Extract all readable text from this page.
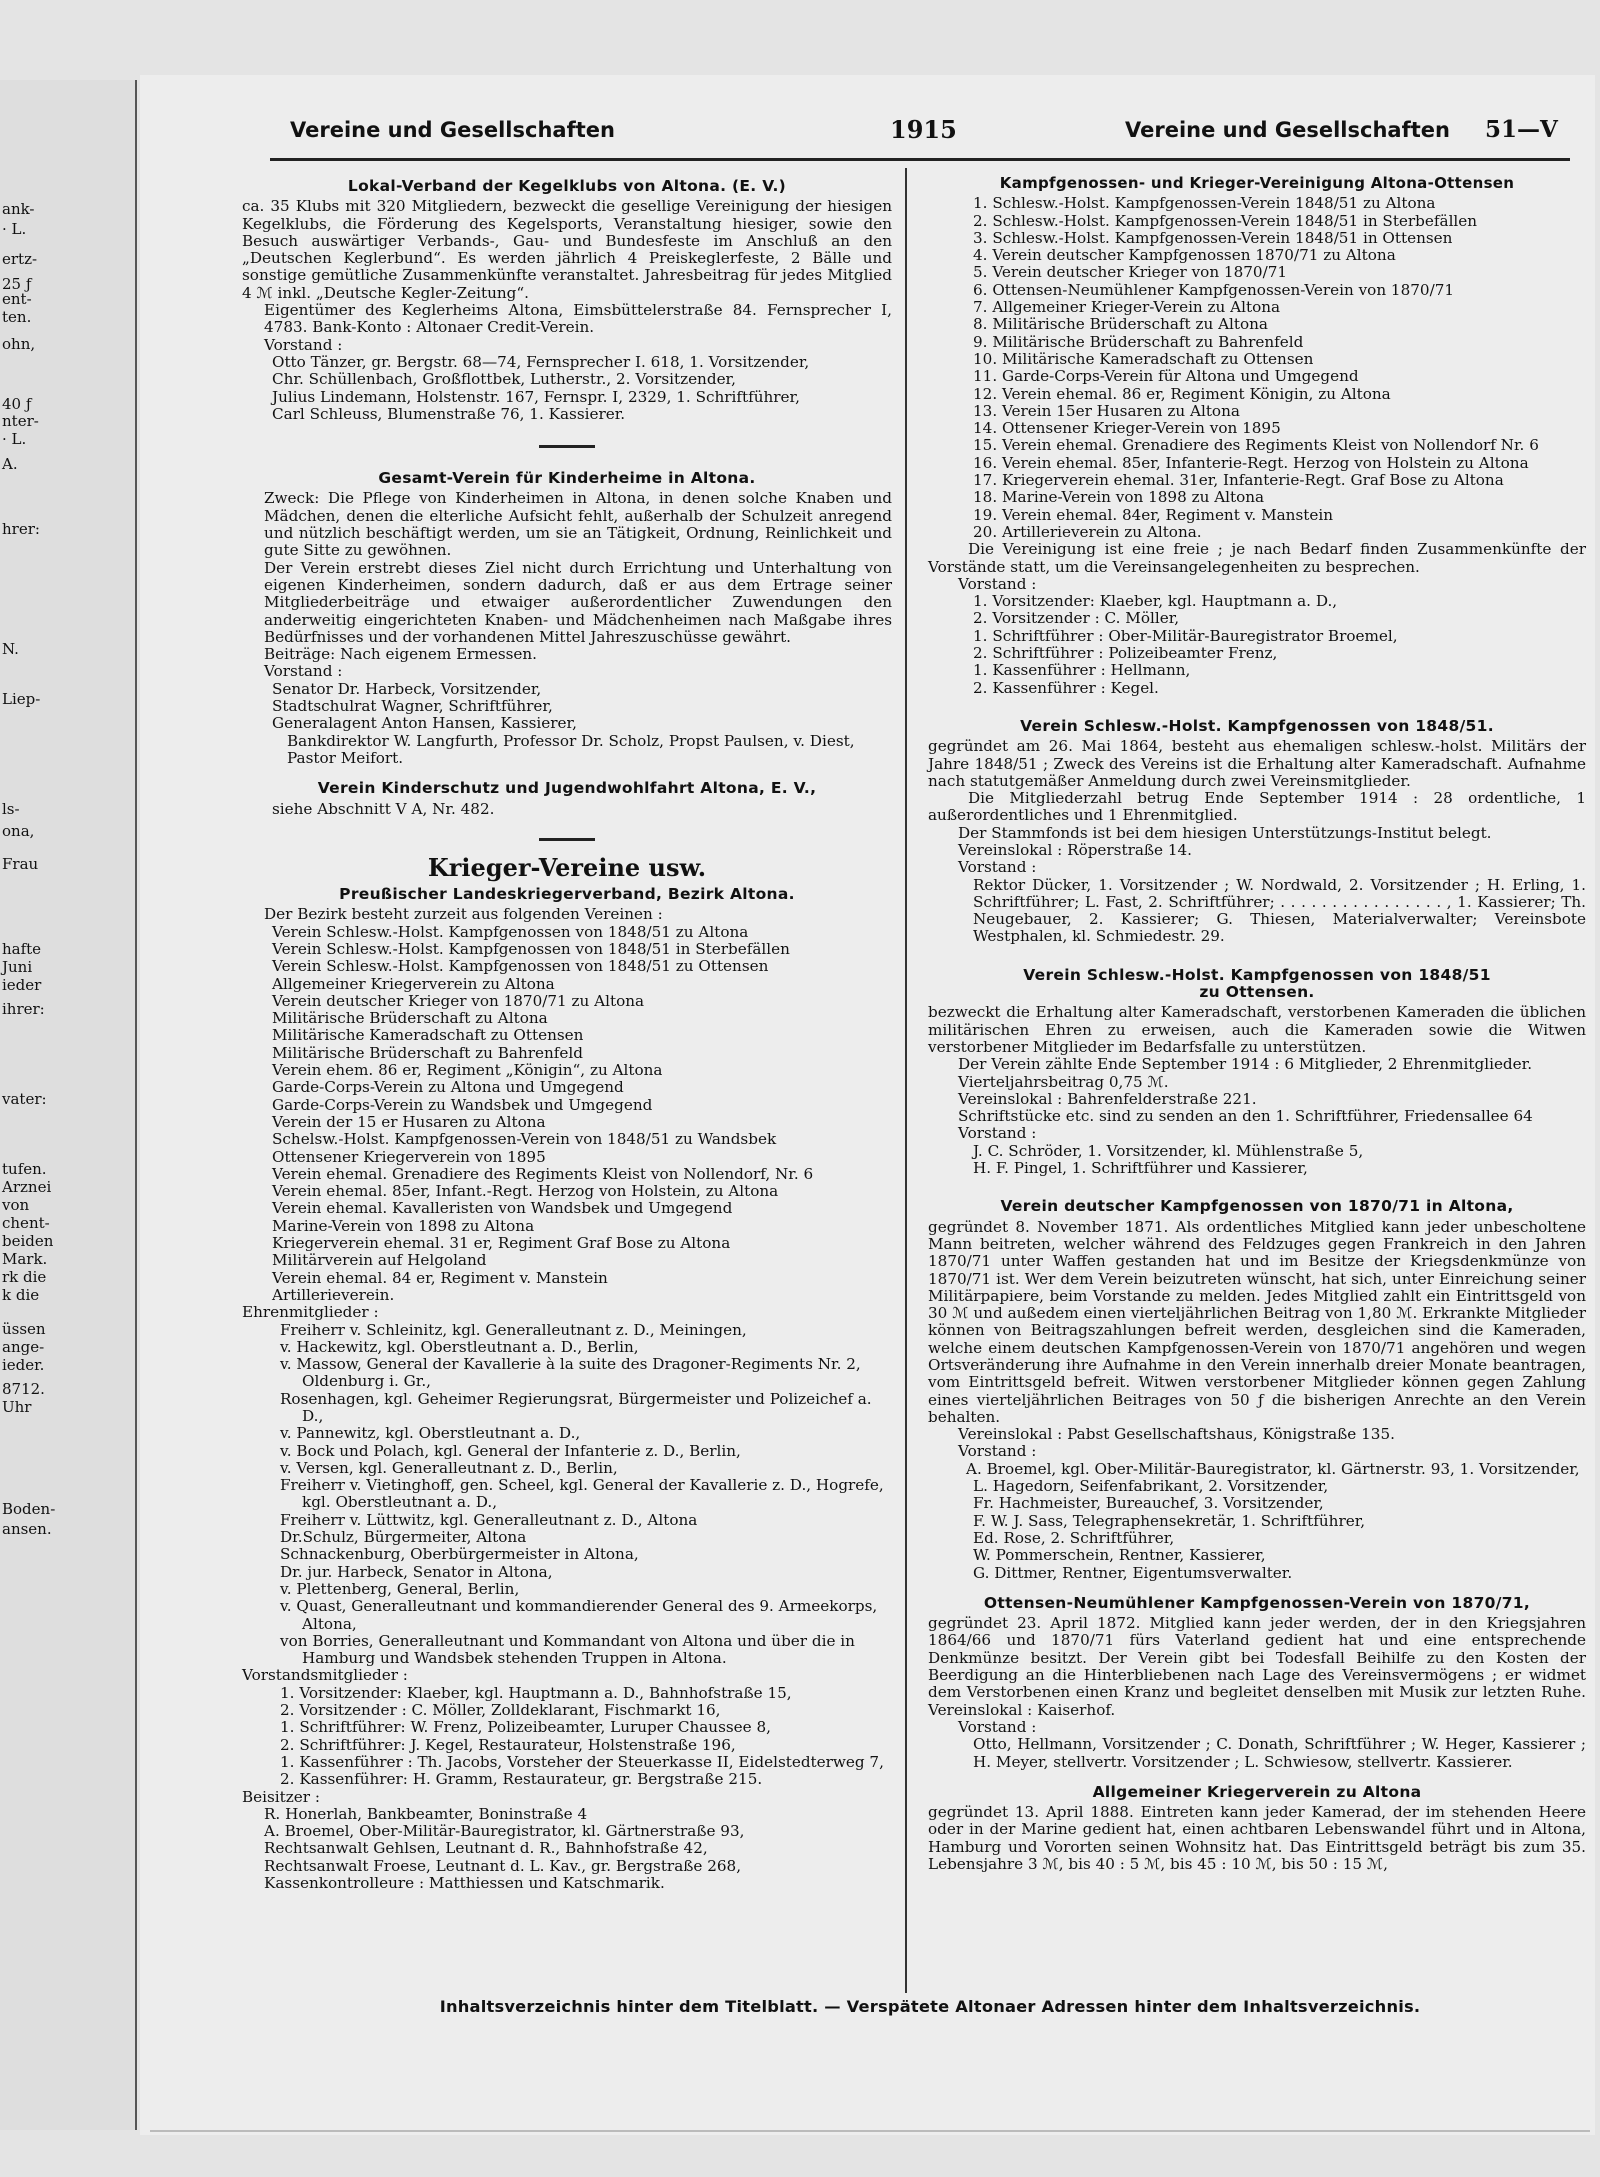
ank-
· L.
ertz-
25 ƒ
ent-
ten.
ohn,
40 ƒ
nter-
· L.
A.
hrer:
N.
Liep-
ls-
ona,
Frau
hafte
Juni
ieder
ihrer:
vater:
tufen.
Arznei
von
chent-
beiden
Mark.
rk die
k die
üssen
ange-
ieder.
8712.
Uhr
Boden-
ansen.
Vereine und Gesellschaften	1915	Vereine und Gesellschaften 51—V
Lokal-Verband der Kegelklubs von Altona. (E. V.)
ca. 35 Klubs mit 320 Mitgliedern, bezweckt die gesellige Vereinigung der hiesigen Kegelklubs, die Förderung des Kegelsports, Veranstaltung hiesiger, sowie den Besuch auswärtiger Verbands-, Gau- und Bundesfeste im Anschluß an den „Deutschen Keglerbund“. Es werden jährlich 4 Preiskeglerfeste, 2 Bälle und sonstige gemütliche Zusammenkünfte veranstaltet. Jahresbeitrag für jedes Mitglied 4 ℳ inkl. „Deutsche Kegler-Zeitung“.
Eigentümer des Keglerheims Altona, Eimsbüttelerstraße 84. Fernsprecher I, 4783. Bank-Konto : Altonaer Credit-Verein.
Vorstand :
Otto Tänzer, gr. Bergstr. 68—74, Fernsprecher I. 618, 1. Vorsitzender,
Chr. Schüllenbach, Großflottbek, Lutherstr., 2. Vorsitzender,
Julius Lindemann, Holstenstr. 167, Fernspr. I, 2329, 1. Schriftführer,
Carl Schleuss, Blumenstraße 76, 1. Kassierer.
Gesamt-Verein für Kinderheime in Altona.
Zweck: Die Pflege von Kinderheimen in Altona, in denen solche Knaben und Mädchen, denen die elterliche Aufsicht fehlt, außerhalb der Schulzeit anregend und nützlich beschäftigt werden, um sie an Tätigkeit, Ordnung, Reinlichkeit und gute Sitte zu gewöhnen.
Der Verein erstrebt dieses Ziel nicht durch Errichtung und Unterhaltung von eigenen Kinderheimen, sondern dadurch, daß er aus dem Ertrage seiner Mitgliederbeiträge und etwaiger außerordentlicher Zuwendungen den anderweitig eingerichteten Knaben- und Mädchenheimen nach Maßgabe ihres Bedürfnisses und der vorhandenen Mittel Jahreszuschüsse gewährt.
Beiträge: Nach eigenem Ermessen.
Vorstand :
Senator Dr. Harbeck, Vorsitzender,
Stadtschulrat Wagner, Schriftführer,
Generalagent Anton Hansen, Kassierer,
Bankdirektor W. Langfurth, Professor Dr. Scholz, Propst Paulsen, v. Diest, Pastor Meifort.
Verein Kinderschutz und Jugendwohlfahrt Altona, E. V.,
siehe Abschnitt V A, Nr. 482.
Krieger-Vereine usw.
Preußischer Landeskriegerverband, Bezirk Altona.
Der Bezirk besteht zurzeit aus folgenden Vereinen :
Verein Schlesw.-Holst. Kampfgenossen von 1848/51 zu Altona
Verein Schlesw.-Holst. Kampfgenossen von 1848/51 in Sterbefällen
Verein Schlesw.-Holst. Kampfgenossen von 1848/51 zu Ottensen
Allgemeiner Kriegerverein zu Altona
Verein deutscher Krieger von 1870/71 zu Altona
Militärische Brüderschaft zu Altona
Militärische Kameradschaft zu Ottensen
Militärische Brüderschaft zu Bahrenfeld
Verein ehem. 86 er, Regiment „Königin“, zu Altona
Garde-Corps-Verein zu Altona und Umgegend
Garde-Corps-Verein zu Wandsbek und Umgegend
Verein der 15 er Husaren zu Altona
Schelsw.-Holst. Kampfgenossen-Verein von 1848/51 zu Wandsbek
Ottensener Kriegerverein von 1895
Verein ehemal. Grenadiere des Regiments Kleist von Nollendorf, Nr. 6
Verein ehemal. 85er, Infant.-Regt. Herzog von Holstein, zu Altona
Verein ehemal. Kavalleristen von Wandsbek und Umgegend
Marine-Verein von 1898 zu Altona
Kriegerverein ehemal. 31 er, Regiment Graf Bose zu Altona
Militärverein auf Helgoland
Verein ehemal. 84 er, Regiment v. Manstein
Artillerieverein.
Ehrenmitglieder :
Freiherr v. Schleinitz, kgl. Generalleutnant z. D., Meiningen,
v. Hackewitz, kgl. Oberstleutnant a. D., Berlin,
v. Massow, General der Kavallerie à la suite des Dragoner-Regiments Nr. 2, Oldenburg i. Gr.,
Rosenhagen, kgl. Geheimer Regierungsrat, Bürgermeister und Polizeichef a. D.,
v. Pannewitz, kgl. Oberstleutnant a. D.,
v. Bock und Polach, kgl. General der Infanterie z. D., Berlin,
v. Versen, kgl. Generalleutnant z. D., Berlin,
Freiherr v. Vietinghoff, gen. Scheel, kgl. General der Kavallerie z. D., Hogrefe, kgl. Oberstleutnant a. D.,
Freiherr v. Lüttwitz, kgl. Generalleutnant z. D., Altona
Dr.Schulz, Bürgermeiter, Altona
Schnackenburg, Oberbürgermeister in Altona,
Dr. jur. Harbeck, Senator in Altona,
v. Plettenberg, General, Berlin,
v. Quast, Generalleutnant und kommandierender General des 9. Armeekorps, Altona,
von Borries, Generalleutnant und Kommandant von Altona und über die in Hamburg und Wandsbek stehenden Truppen in Altona.
Vorstandsmitglieder :
1. Vorsitzender: Klaeber, kgl. Hauptmann a. D., Bahnhofstraße 15,
2. Vorsitzender : C. Möller, Zolldeklarant, Fischmarkt 16,
1. Schriftführer: W. Frenz, Polizeibeamter, Luruper Chaussee 8,
2. Schriftführer: J. Kegel, Restaurateur, Holstenstraße 196,
1. Kassenführer : Th. Jacobs, Vorsteher der Steuerkasse II, Eidelstedterweg 7,
2. Kassenführer: H. Gramm, Restaurateur, gr. Bergstraße 215.
Beisitzer :
R. Honerlah, Bankbeamter, Boninstraße 4
A. Broemel, Ober-Militär-Bauregistrator, kl. Gärtnerstraße 93,
Rechtsanwalt Gehlsen, Leutnant d. R., Bahnhofstraße 42,
Rechtsanwalt Froese, Leutnant d. L. Kav., gr. Bergstraße 268,
Kassenkontrolleure : Matthiessen und Katschmarik.
Kampfgenossen- und Krieger-Vereinigung Altona-Ottensen
1. Schlesw.-Holst. Kampfgenossen-Verein 1848/51 zu Altona
2. Schlesw.-Holst. Kampfgenossen-Verein 1848/51 in Sterbefällen
3. Schlesw.-Holst. Kampfgenossen-Verein 1848/51 in Ottensen
4. Verein deutscher Kampfgenossen 1870/71 zu Altona
5. Verein deutscher Krieger von 1870/71
6. Ottensen-Neumühlener Kampfgenossen-Verein von 1870/71
7. Allgemeiner Krieger-Verein zu Altona
8. Militärische Brüderschaft zu Altona
9. Militärische Brüderschaft zu Bahrenfeld
10. Militärische Kameradschaft zu Ottensen
11. Garde-Corps-Verein für Altona und Umgegend
12. Verein ehemal. 86 er, Regiment Königin, zu Altona
13. Verein 15er Husaren zu Altona
14. Ottensener Krieger-Verein von 1895
15. Verein ehemal. Grenadiere des Regiments Kleist von Nollendorf Nr. 6
16. Verein ehemal. 85er, Infanterie-Regt. Herzog von Holstein zu Altona
17. Kriegerverein ehemal. 31er, Infanterie-Regt. Graf Bose zu Altona
18. Marine-Verein von 1898 zu Altona
19. Verein ehemal. 84er, Regiment v. Manstein
20. Artillerieverein zu Altona.
Die Vereinigung ist eine freie ; je nach Bedarf finden Zusammenkünfte der Vorstände statt, um die Vereinsangelegenheiten zu besprechen.
Vorstand :
1. Vorsitzender: Klaeber, kgl. Hauptmann a. D.,
2. Vorsitzender : C. Möller,
1. Schriftführer : Ober-Militär-Bauregistrator Broemel,
2. Schriftführer : Polizeibeamter Frenz,
1. Kassenführer : Hellmann,
2. Kassenführer : Kegel.
Verein Schlesw.-Holst. Kampfgenossen von 1848/51.
gegründet am 26. Mai 1864, besteht aus ehemaligen schlesw.-holst. Militärs der Jahre 1848/51 ; Zweck des Vereins ist die Erhaltung alter Kameradschaft. Aufnahme nach statutgemäßer Anmeldung durch zwei Vereinsmitglieder.
Die Mitgliederzahl betrug Ende September 1914 : 28 ordentliche, 1 außerordentliches und 1 Ehrenmitglied.
Der Stammfonds ist bei dem hiesigen Unterstützungs-Institut belegt.
Vereinslokal : Röperstraße 14.
Vorstand :
Rektor Dücker, 1. Vorsitzender ; W. Nordwald, 2. Vorsitzender ; H. Erling, 1. Schriftführer; L. Fast, 2. Schriftführer; . . . . . . . . . . . . . . . . , 1. Kassierer; Th. Neugebauer, 2. Kassierer; G. Thiesen, Materialverwalter; Vereinsbote Westphalen, kl. Schmiedestr. 29.
Verein Schlesw.-Holst. Kampfgenossen von 1848/51
zu Ottensen.
bezweckt die Erhaltung alter Kameradschaft, verstorbenen Kameraden die üblichen militärischen Ehren zu erweisen, auch die Kameraden sowie die Witwen verstorbener Mitglieder im Bedarfsfalle zu unterstützen.
Der Verein zählte Ende September 1914 : 6 Mitglieder, 2 Ehrenmitglieder.
Vierteljahrsbeitrag 0,75 ℳ.
Vereinslokal : Bahrenfelderstraße 221.
Schriftstücke etc. sind zu senden an den 1. Schriftführer, Friedensallee 64
Vorstand :
J. C. Schröder, 1. Vorsitzender, kl. Mühlenstraße 5,
H. F. Pingel, 1. Schriftführer und Kassierer,
Verein deutscher Kampfgenossen von 1870/71 in Altona,
gegründet 8. November 1871. Als ordentliches Mitglied kann jeder unbescholtene Mann beitreten, welcher während des Feldzuges gegen Frankreich in den Jahren 1870/71 unter Waffen gestanden hat und im Besitze der Kriegsdenkmünze von 1870/71 ist. Wer dem Verein beizutreten wünscht, hat sich, unter Einreichung seiner Militärpapiere, beim Vorstande zu melden. Jedes Mitglied zahlt ein Eintrittsgeld von 30 ℳ und außedem einen vierteljährlichen Beitrag von 1,80 ℳ. Erkrankte Mitglieder können von Beitragszahlungen befreit werden, desgleichen sind die Kameraden, welche einem deutschen Kampfgenossen-Verein von 1870/71 angehören und wegen Ortsveränderung ihre Aufnahme in den Verein innerhalb dreier Monate beantragen, vom Eintrittsgeld befreit. Witwen verstorbener Mitglieder können gegen Zahlung eines vierteljährlichen Beitrages von 50 ƒ die bisherigen Anrechte an den Verein behalten.
Vereinslokal : Pabst Gesellschaftshaus, Königstraße 135.
Vorstand :
A. Broemel, kgl. Ober-Militär-Bauregistrator, kl. Gärtnerstr. 93, 1. Vorsitzender,
L. Hagedorn, Seifenfabrikant, 2. Vorsitzender,
Fr. Hachmeister, Bureauchef, 3. Vorsitzender,
F. W. J. Sass, Telegraphensekretär, 1. Schriftführer,
Ed. Rose, 2. Schriftführer,
W. Pommerschein, Rentner, Kassierer,
G. Dittmer, Rentner, Eigentumsverwalter.
Ottensen-Neumühlener Kampfgenossen-Verein von 1870/71,
gegründet 23. April 1872. Mitglied kann jeder werden, der in den Kriegsjahren 1864/66 und 1870/71 fürs Vaterland gedient hat und eine entsprechende Denkmünze besitzt. Der Verein gibt bei Todesfall Beihilfe zu den Kosten der Beerdigung an die Hinterbliebenen nach Lage des Vereinsvermögens ; er widmet dem Verstorbenen einen Kranz und begleitet denselben mit Musik zur letzten Ruhe. Vereinslokal : Kaiserhof.
Vorstand :
Otto, Hellmann, Vorsitzender ; C. Donath, Schriftführer ; W. Heger, Kassierer ; H. Meyer, stellvertr. Vorsitzender ; L. Schwiesow, stellvertr. Kassierer.
Allgemeiner Kriegerverein zu Altona
gegründet 13. April 1888. Eintreten kann jeder Kamerad, der im stehenden Heere oder in der Marine gedient hat, einen achtbaren Lebenswandel führt und in Altona, Hamburg und Vororten seinen Wohnsitz hat. Das Eintrittsgeld beträgt bis zum 35. Lebensjahre 3 ℳ, bis 40 : 5 ℳ, bis 45 : 10 ℳ, bis 50 : 15 ℳ,
Inhaltsverzeichnis hinter dem Titelblatt. — Verspätete Altonaer Adressen hinter dem Inhaltsverzeichnis.
